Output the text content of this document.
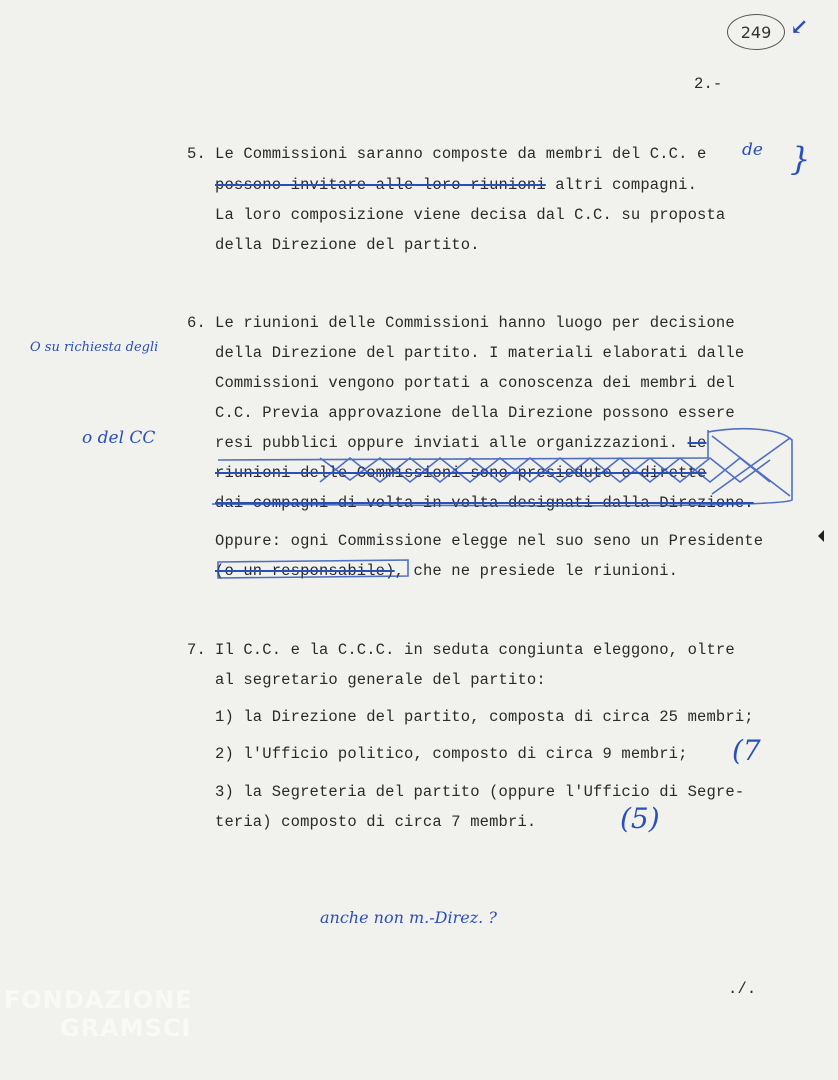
249 ↙
2.-
5. Le Commissioni saranno composte da membri del C.C. e de }
possono invitare alle loro riunioni altri compagni.
La loro composizione viene decisa dal C.C. su proposta
della Direzione del partito.
6. Le riunioni delle Commissioni hanno luogo per decisione
O su richiesta degli	della Direzione del partito. I materiali elaborati dalle
Commissioni vengono portati a conoscenza dei membri del
C.C. Previa approvazione della Direzione possono essere
o del CC	resi pubblici oppure inviati alle organizzazioni. Le
riunioni delle Commissioni sono presiedute e dirette
dai compagni di volta in volta designati dalla Direzione.
Oppure: ogni Commissione elegge nel suo seno un Presidente
(o un responsabile), che ne presiede le riunioni.
7. Il C.C. e la C.C.C. in seduta congiunta eleggono, oltre
al segretario generale del partito:
1) la Direzione del partito, composta di circa 25 membri;
2) l'Ufficio politico, composto di circa 9 membri; (7
3) la Segreteria del partito (oppure l'Ufficio di Segre-
teria) composto di circa 7 membri.	(5)
anche non m.-Direz. ?
./.
FONDAZIONE
GRAMSCI
